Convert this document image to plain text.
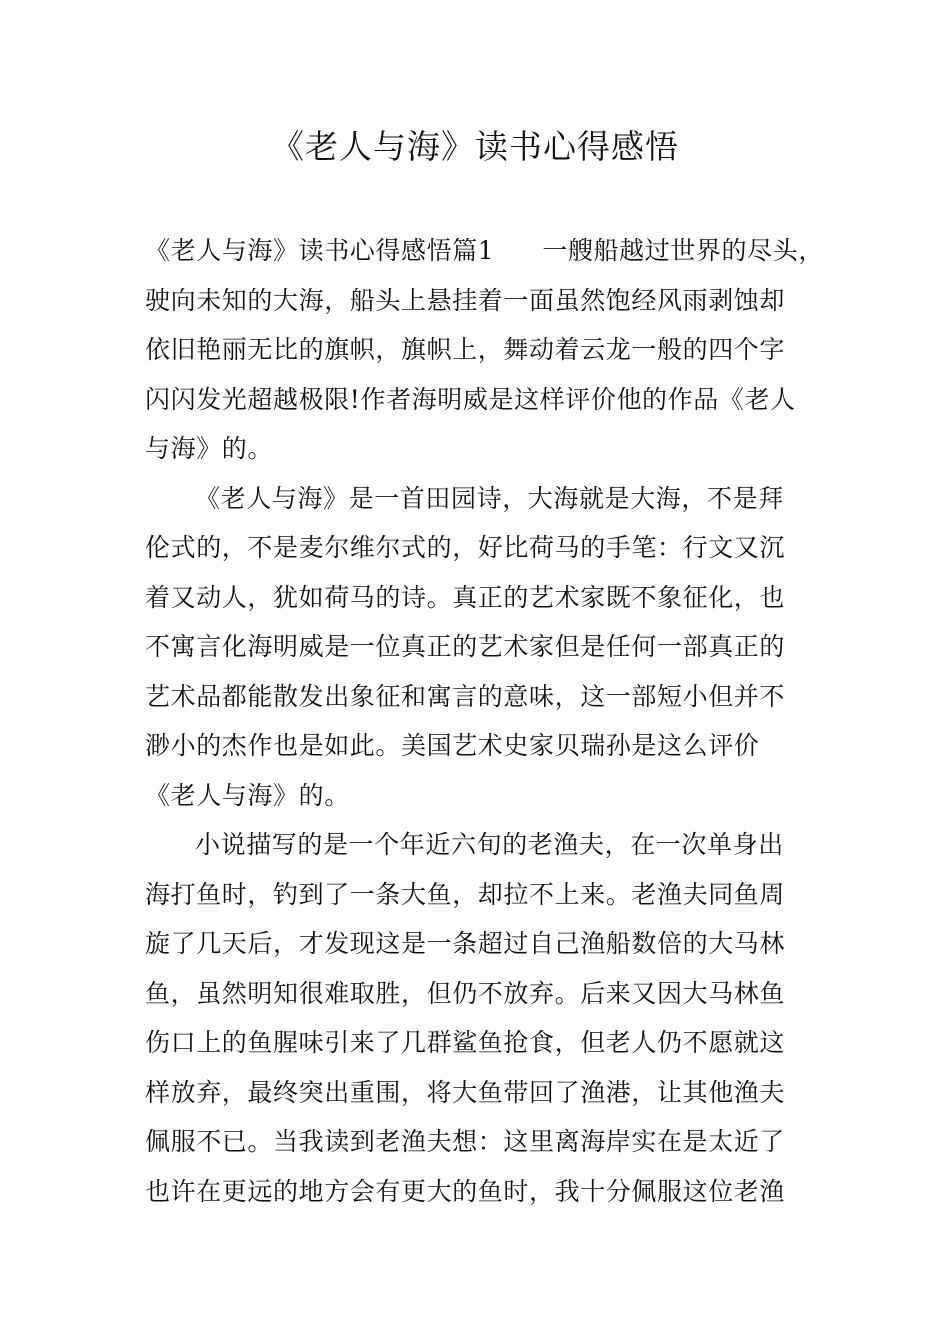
《老人与海》读书心得感悟
《老人与海》读书心得感悟篇1 一艘船越过世界的尽头，
驶向未知的大海，船头上悬挂着一面虽然饱经风雨剥蚀却
依旧艳丽无比的旗帜，旗帜上，舞动着云龙一般的四个字
闪闪发光超越极限!作者海明威是这样评价他的作品《老人
与海》的。
《老人与海》是一首田园诗，大海就是大海，不是拜
伦式的，不是麦尔维尔式的，好比荷马的手笔：行文又沉
着又动人，犹如荷马的诗。真正的艺术家既不象征化，也
不寓言化海明威是一位真正的艺术家但是任何一部真正的
艺术品都能散发出象征和寓言的意味，这一部短小但并不
渺小的杰作也是如此。美国艺术史家贝瑞孙是这么评价
《老人与海》的。
小说描写的是一个年近六旬的老渔夫，在一次单身出
海打鱼时，钓到了一条大鱼，却拉不上来。老渔夫同鱼周
旋了几天后，才发现这是一条超过自己渔船数倍的大马林
鱼，虽然明知很难取胜，但仍不放弃。后来又因大马林鱼
伤口上的鱼腥味引来了几群鲨鱼抢食，但老人仍不愿就这
样放弃，最终突出重围，将大鱼带回了渔港，让其他渔夫
佩服不已。当我读到老渔夫想：这里离海岸实在是太近了
也许在更远的地方会有更大的鱼时，我十分佩服这位老渔
